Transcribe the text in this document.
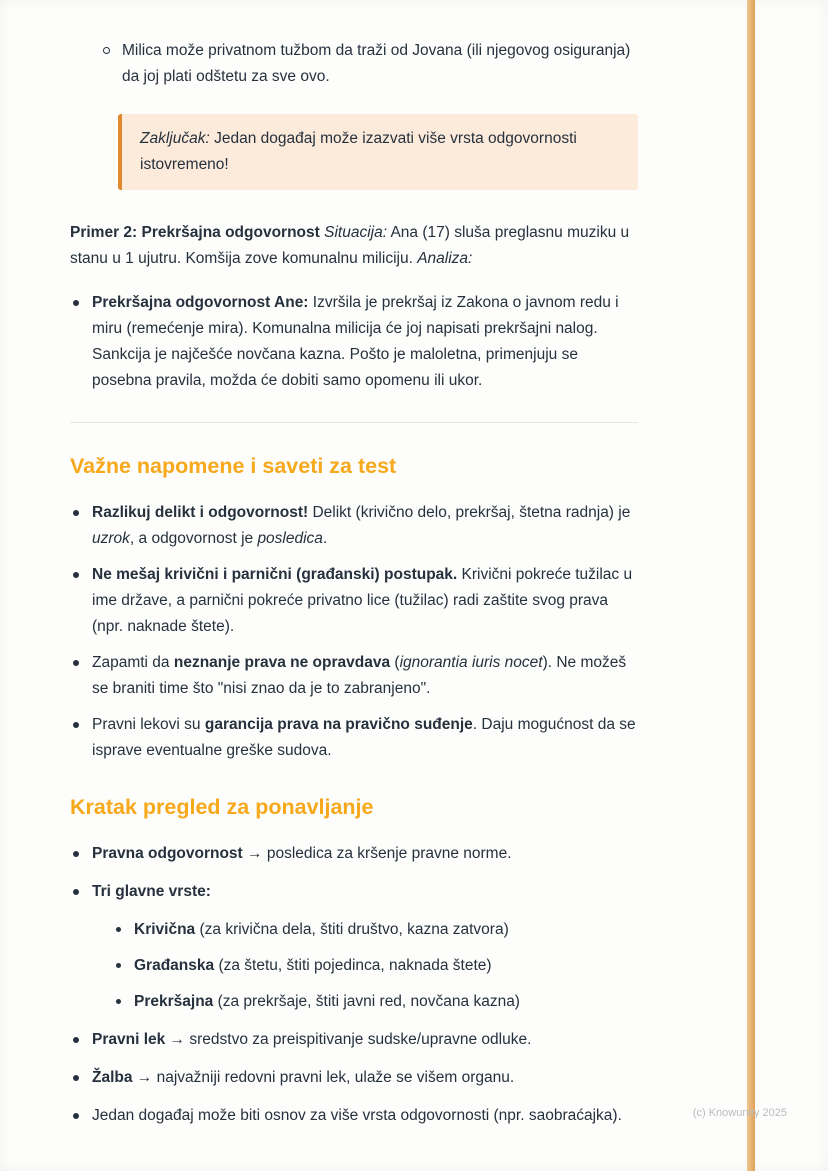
Milica može privatnom tužbom da traži od Jovana (ili njegovog osiguranja) da joj plati odštetu za sve ovo.

Zaključak: Jedan događaj može izazvati više vrsta odgovornosti istovremeno!

Primer 2: Prekršajna odgovornost Situacija: Ana (17) sluša preglasnu muziku u stanu u 1 ujutru. Komšija zove komunalnu miliciju. Analiza:

Prekršajna odgovornost Ane: Izvršila je prekršaj iz Zakona o javnom redu i miru (remećenje mira). Komunalna milicija će joj napisati prekršajni nalog. Sankcija je najčešće novčana kazna. Pošto je maloletna, primenjuju se posebna pravila, možda će dobiti samo opomenu ili ukor.
Važne napomene i saveti za test
Razlikuj delikt i odgovornost! Delikt (krivično delo, prekršaj, štetna radnja) je uzrok, a odgovornost je posledica.
Ne mešaj krivični i parnični (građanski) postupak. Krivični pokreće tužilac u ime države, a parnični pokreće privatno lice (tužilac) radi zaštite svog prava (npr. naknade štete).
Zapamti da neznanje prava ne opravdava (ignorantia iuris nocet). Ne možeš se braniti time što "nisi znao da je to zabranjeno".
Pravni lekovi su garancija prava na pravično suđenje. Daju mogućnost da se isprave eventualne greške sudova.
Kratak pregled za ponavljanje
Pravna odgovornost → posledica za kršenje pravne norme.
Tri glavne vrste:
Krivična (za krivična dela, štiti društvo, kazna zatvora)
Građanska (za štetu, štiti pojedinca, naknada štete)
Prekršajna (za prekršaje, štiti javni red, novčana kazna)
Pravni lek → sredstvo za preispitivanje sudske/upravne odluke.
Žalba → najvažniji redovni pravni lek, ulaže se višem organu.
Jedan događaj može biti osnov za više vrsta odgovornosti (npr. saobraćajka).	(c) Knowunity 2025
